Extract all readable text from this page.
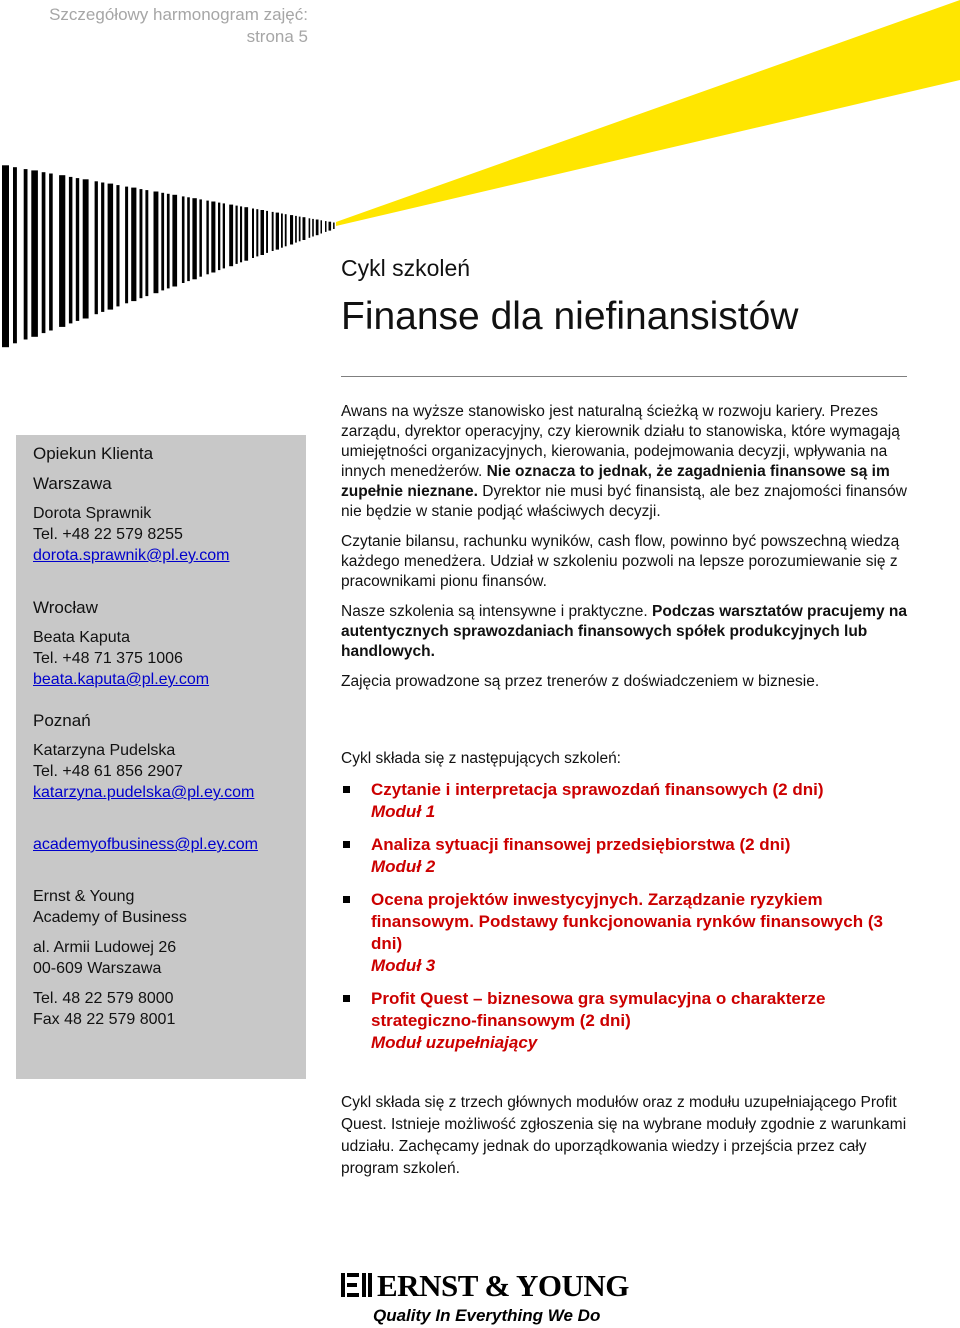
Szczegółowy harmonogram zajęć:
strona 5
Cykl szkoleń
Finanse dla niefinansistów
Opiekun Klienta
Warszawa
Dorota Sprawnik
Tel. +48 22 579 8255
dorota.sprawnik@pl.ey.com
Wrocław
Beata Kaputa
Tel. +48 71 375 1006
beata.kaputa@pl.ey.com
Poznań
Katarzyna Pudelska
Tel. +48 61 856 2907
katarzyna.pudelska@pl.ey.com
academyofbusiness@pl.ey.com
Ernst & Young
Academy of Business
al. Armii Ludowej 26
00-609 Warszawa
Tel. 48 22 579 8000
Fax 48 22 579 8001

Awans na wyższe stanowisko jest naturalną ścieżką w rozwoju kariery. Prezes zarządu, dyrektor operacyjny, czy kierownik działu to stanowiska, które wymagają umiejętności organizacyjnych, kierowania, podejmowania decyzji, wpływania na innych menedżerów. Nie oznacza to jednak, że zagadnienia finansowe są im zupełnie nieznane. Dyrektor nie musi być finansistą, ale bez znajomości finansów nie będzie w stanie podjąć właściwych decyzji.

Czytanie bilansu, rachunku wyników, cash flow, powinno być powszechną wiedzą każdego menedżera. Udział w szkoleniu pozwoli na lepsze porozumiewanie się z pracownikami pionu finansów.

Nasze szkolenia są intensywne i praktyczne. Podczas warsztatów pracujemy na autentycznych sprawozdaniach finansowych spółek produkcyjnych lub handlowych.

Zajęcia prowadzone są przez trenerów z doświadczeniem w biznesie.

Cykl składa się z następujących szkoleń:
Czytanie i interpretacja sprawozdań finansowych (2 dni)
Moduł 1
Analiza sytuacji finansowej przedsiębiorstwa (2 dni)
Moduł 2
Ocena projektów inwestycyjnych. Zarządzanie ryzykiem finansowym. Podstawy funkcjonowania rynków finansowych (3 dni)
Moduł 3
Profit Quest – biznesowa gra symulacyjna o charakterze strategiczno-finansowym (2 dni)
Moduł uzupełniający
Cykl składa się z trzech głównych modułów oraz z modułu uzupełniającego Profit Quest. Istnieje możliwość zgłoszenia się na wybrane moduły zgodnie z warunkami udziału. Zachęcamy jednak do uporządkowania wiedzy i przejścia przez cały program szkoleń.
ERNST & YOUNG
Quality In Everything We Do
